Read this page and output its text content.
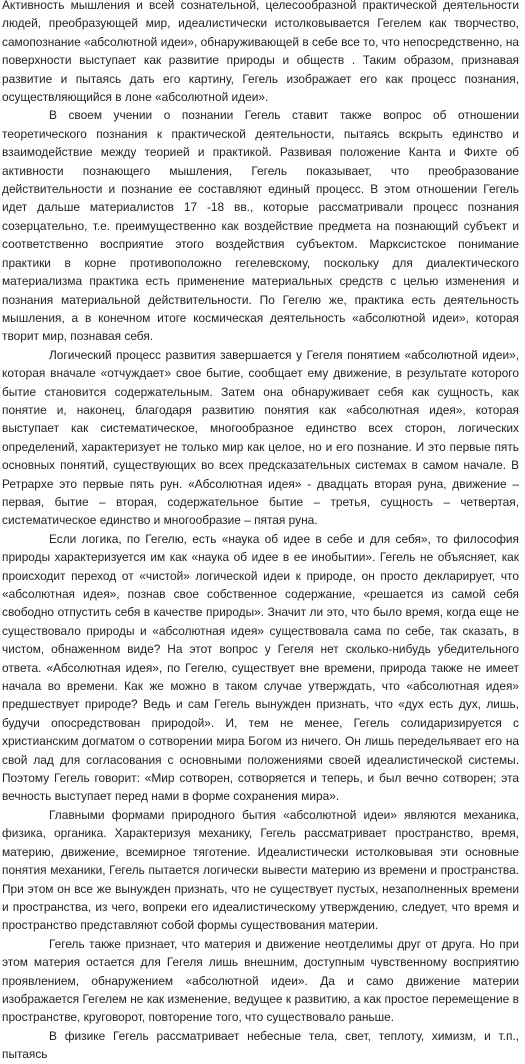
Активность мышления и всей сознательной, целесообразной практической деятельности людей, преобразующей мир, идеалистически истолковывается Гегелем как творчество, самопознание «абсолютной идеи», обнаруживающей в себе все то, что непосредственно, на поверхности выступает как развитие природы и обществ . Таким образом, признавая развитие и пытаясь дать его картину, Гегель изображает его как процесс познания, осуществляющийся в лоне «абсолютной идеи».

В своем учении о познании Гегель ставит также вопрос об отношении теоретического познания к практической деятельности, пытаясь вскрыть единство и взаимодействие между теорией и практикой. Развивая положение Канта и Фихте об активности познающего мышления, Гегель показывает, что преобразование действительности и познание ее составляют единый процесс. В этом отношении Гегель идет дальше материалистов 17 -18 вв., которые рассматривали процесс познания созерцательно, т.е. преимущественно как воздействие предмета на познающий субъект и соответственно восприятие этого воздействия субъектом. Марксистское понимание практики в корне противоположно гегелевскому, поскольку для диалектического материализма практика есть применение материальных средств с целью изменения и познания материальной действительности. По Гегелю же, практика есть деятельность мышления, а в конечном итоге космическая деятельность «абсолютной идеи», которая творит мир, познавая себя.

Логический процесс развития завершается у Гегеля понятием «абсолютной идеи», которая вначале «отчуждает» свое бытие, сообщает ему движение, в результате которого бытие становится содержательным. Затем она обнаруживает себя как сущность, как понятие и, наконец, благодаря развитию понятия как «абсолютная идея», которая выступает как систематическое, многообразное единство всех сторон, логических определений, характеризует не только мир как целое, но и его познание. И это первые пять основных понятий, существующих во всех предсказательных системах в самом начале. В Ретрарxе это первые пять рун. «Абсолютная идея» - двадцать вторая руна, движение – первая, бытие – вторая, содержательное бытие – третья, сущность – четвертая, систематическое единство и многообразие – пятая руна.

Если логика, по Гегелю, есть «наука об идее в себе и для себя», то философия природы характеризуется им как «наука об идее в ее инобытии». Гегель не объясняет, как происходит переход от «чистой» логической идеи к природе, он просто декларирует, что «абсолютная идея», познав свое собственное содержание, «решается из самой себя свободно отпустить себя в качестве природы». Значит ли это, что было время, когда еще не существовало природы и «абсолютная идея» существовала сама по себе, так сказать, в чистом, обнаженном виде? На этот вопрос у Гегеля нет сколько-нибудь убедительного ответа. «Абсолютная идея», по Гегелю, существует вне времени, природа также не имеет начала во времени. Как же можно в таком случае утверждать, что «абсолютная идея» предшествует природе? Ведь и сам Гегель вынужден признать, что «дух есть дух, лишь, будучи опосредствован природой». И, тем не менее, Гегель солидаризируется с христианским догматом о сотворении мира Богом из ничего. Он лишь передельявает его на свой лад для согласования с основными положениями своей идеалистической системы. Поэтому Гегель говорит: «Мир сотворен, сотворяется и теперь, и был вечно сотворен; эта вечность выступает перед нами в форме сохранения мира».

Главными формами природного бытия «абсолютной идеи» являются механика, физика, органика. Характеризуя механику, Гегель рассматривает пространство, время, материю, движение, всемирное тяготение. Идеалистически истолковывая эти основные понятия механики, Гегель пытается логически вывести материю из времени и пространства. При этом он все же вынужден признать, что не существует пустых, незаполненных времени и пространства, из чего, вопреки его идеалистическому утверждению, следует, что время и пространство представляют собой формы существования материи.

Гегель также признает, что материя и движение неотделимы друг от друга. Но при этом материя остается для Гегеля лишь внешним, доступным чувственному восприятию проявлением, обнаружением «абсолютной идеи». Да и само движение материи изображается Гегелем не как изменение, ведущее к развитию, а как простое перемещение в пространстве, круговорот, повторение того, что существовало раньше.

В физике Гегель рассматривает небесные тела, свет, теплоту, химизм, и т.п., пытаясь
